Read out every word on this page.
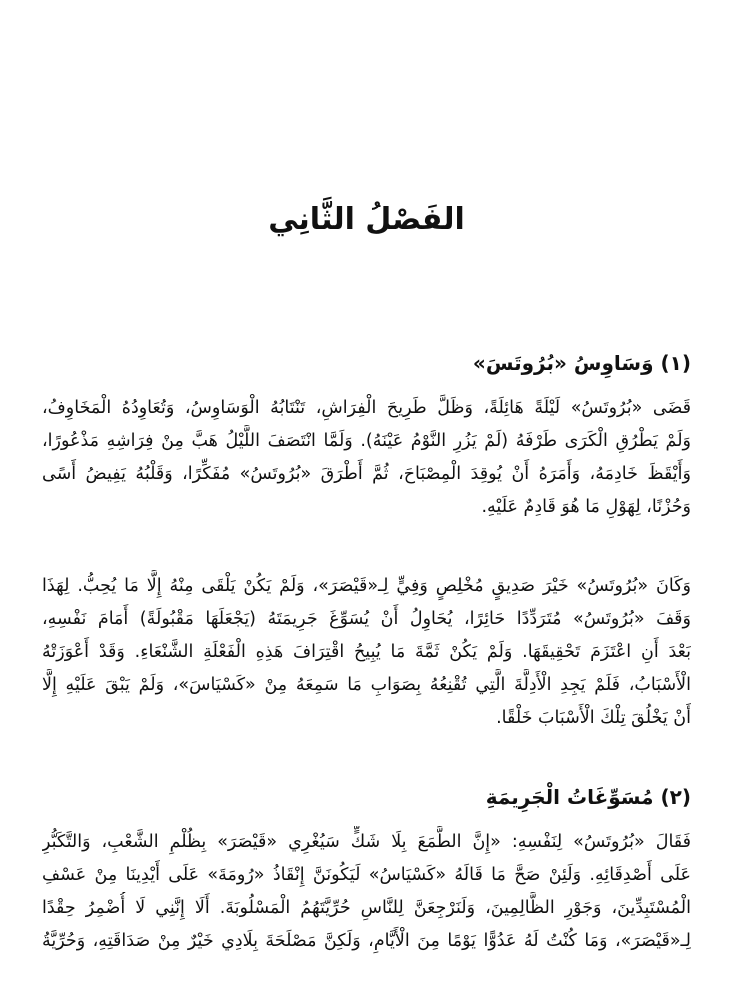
الفَصْلُ الثَّانِي
(١) وَسَاوِسُ «بُرُوتَسَ»

قَضَى «بُرُوتَسُ» لَيْلَةً هَائِلَةً، وَظَلَّ طَرِيحَ الْفِرَاشِ، تَنْتَابُهُ الْوَسَاوِسُ، وَتُعَاوِدُهُ الْمَخَاوِفُ،
وَلَمْ يَطْرُقِ الْكَرَى طَرْفَهُ (لَمْ يَزُرِ النَّوْمُ عَيْنَهُ). وَلَمَّا انْتَصَفَ اللَّيْلُ هَبَّ مِنْ فِرَاشِهِ مَذْعُورًا،
وَأَيْقَظَ خَادِمَهُ، وَأَمَرَهُ أَنْ يُوقِدَ الْمِصْبَاحَ، ثُمَّ أَطْرَقَ «بُرُوتَسُ» مُفَكِّرًا، وَقَلْبُهُ يَفِيضُ أَسًى
وَحُزْنًا، لِهَوْلِ مَا هُوَ قَادِمٌ عَلَيْهِ.

وَكَانَ «بُرُوتَسُ» خَيْرَ صَدِيقٍ مُخْلِصٍ وَفِيٍّ لِـ«قَيْصَرَ»، وَلَمْ يَكُنْ يَلْقَى مِنْهُ إِلَّا مَا يُحِبُّ. لِهَذَا
وَقَفَ «بُرُوتَسُ» مُتَرَدِّدًا حَائِرًا، يُحَاوِلُ أَنْ يُسَوِّغَ جَرِيمَتَهُ (يَجْعَلَهَا مَقْبُولَةً) أَمَامَ نَفْسِهِ،
بَعْدَ أَنِ اعْتَزَمَ تَحْقِيقَهَا. وَلَمْ يَكُنْ ثَمَّةَ مَا يُبِيحُ اقْتِرَافَ هَذِهِ الْفَعْلَةِ الشَّنْعَاءِ. وَقَدْ أَعْوَزَتْهُ
الْأَسْبَابُ، فَلَمْ يَجِدِ الْأَدِلَّةَ الَّتِي تُقْنِعُهُ بِصَوَابِ مَا سَمِعَهُ مِنْ «كَسْيَاسَ»، وَلَمْ يَبْقَ عَلَيْهِ إِلَّا
أَنْ يَخْلُقَ تِلْكَ الْأَسْبَابَ خَلْقًا.

(٢) مُسَوِّغَاتُ الْجَرِيمَةِ

فَقَالَ «بُرُوتَسُ» لِنَفْسِهِ: «إِنَّ الطَّمَعَ بِلَا شَكٍّ سَيُغْرِي «قَيْصَرَ» بِظُلْمِ الشَّعْبِ، وَالتَّكَبُّرِ
عَلَى أَصْدِقَائِهِ. وَلَئِنْ صَحَّ مَا قَالَهُ «كَسْيَاسُ» لَيَكُونَنَّ إِنْقَاذُ «رُومَةَ» عَلَى أَيْدِينَا مِنْ عَسْفِ
الْمُسْتَبِدِّينَ، وَجَوْرِ الظَّالِمِينَ، وَلَنَرْجِعَنَّ لِلنَّاسِ حُرِّيَّتَهُمُ الْمَسْلُوبَةَ. أَلَا إِنَّنِي لَا أُضْمِرُ حِقْدًا
لِـ«قَيْصَرَ»، وَمَا كُنْتُ لَهُ عَدُوًّا يَوْمًا مِنَ الْأَيَّامِ، وَلَكِنَّ مَصْلَحَةَ بِلَادِي خَيْرٌ مِنْ صَدَاقَتِهِ، وَحُرِّيَّةُ
